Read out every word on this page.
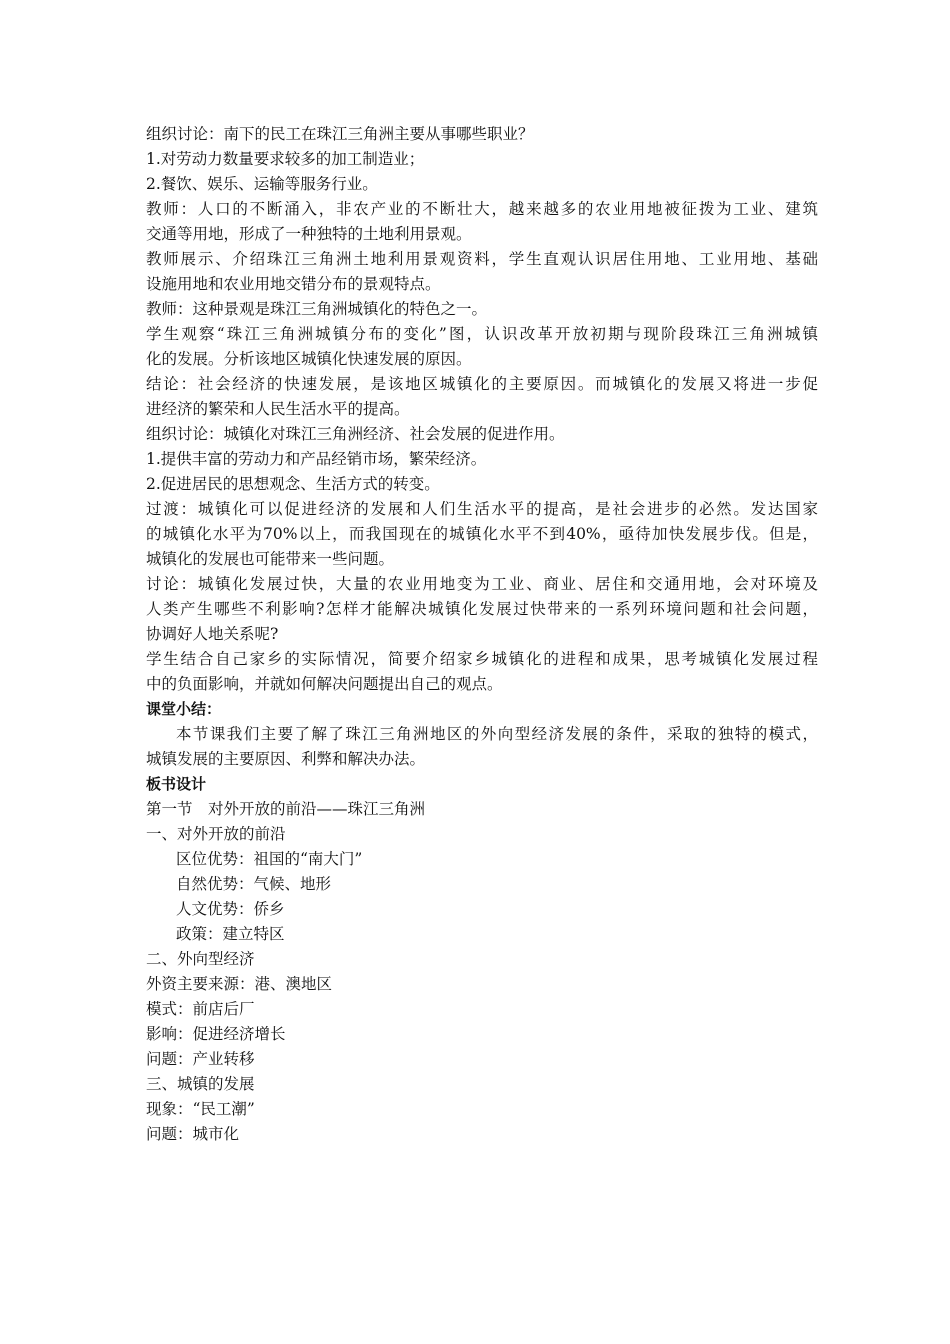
组织讨论：南下的民工在珠江三角洲主要从事哪些职业？
1.对劳动力数量要求较多的加工制造业；
2.餐饮、娱乐、运输等服务行业。
教师：人口的不断涌入，非农产业的不断壮大，越来越多的农业用地被征拨为工业、建筑
交通等用地，形成了一种独特的土地利用景观。
教师展示、介绍珠江三角洲土地利用景观资料，学生直观认识居住用地、工业用地、基础
设施用地和农业用地交错分布的景观特点。
教师：这种景观是珠江三角洲城镇化的特色之一。
学生观察“珠江三角洲城镇分布的变化”图，认识改革开放初期与现阶段珠江三角洲城镇
化的发展。分析该地区城镇化快速发展的原因。
结论：社会经济的快速发展，是该地区城镇化的主要原因。而城镇化的发展又将进一步促
进经济的繁荣和人民生活水平的提高。
组织讨论：城镇化对珠江三角洲经济、社会发展的促进作用。
1.提供丰富的劳动力和产品经销市场，繁荣经济。
2.促进居民的思想观念、生活方式的转变。
过渡：城镇化可以促进经济的发展和人们生活水平的提高，是社会进步的必然。发达国家
的城镇化水平为70%以上，而我国现在的城镇化水平不到40%，亟待加快发展步伐。但是，
城镇化的发展也可能带来一些问题。
讨论：城镇化发展过快，大量的农业用地变为工业、商业、居住和交通用地，会对环境及
人类产生哪些不利影响?怎样才能解决城镇化发展过快带来的一系列环境问题和社会问题，
协调好人地关系呢?
学生结合自己家乡的实际情况，简要介绍家乡城镇化的进程和成果，思考城镇化发展过程
中的负面影响，并就如何解决问题提出自己的观点。
课堂小结：
本节课我们主要了解了珠江三角洲地区的外向型经济发展的条件，采取的独特的模式，
城镇发展的主要原因、利弊和解决办法。
板书设计
第一节　对外开放的前沿——珠江三角洲
一、对外开放的前沿
区位优势：祖国的“南大门”
自然优势：气候、地形
人文优势：侨乡
政策：建立特区
二、外向型经济
外资主要来源：港、澳地区
模式：前店后厂
影响：促进经济增长
问题：产业转移
三、城镇的发展
现象：“民工潮”
问题：城市化
